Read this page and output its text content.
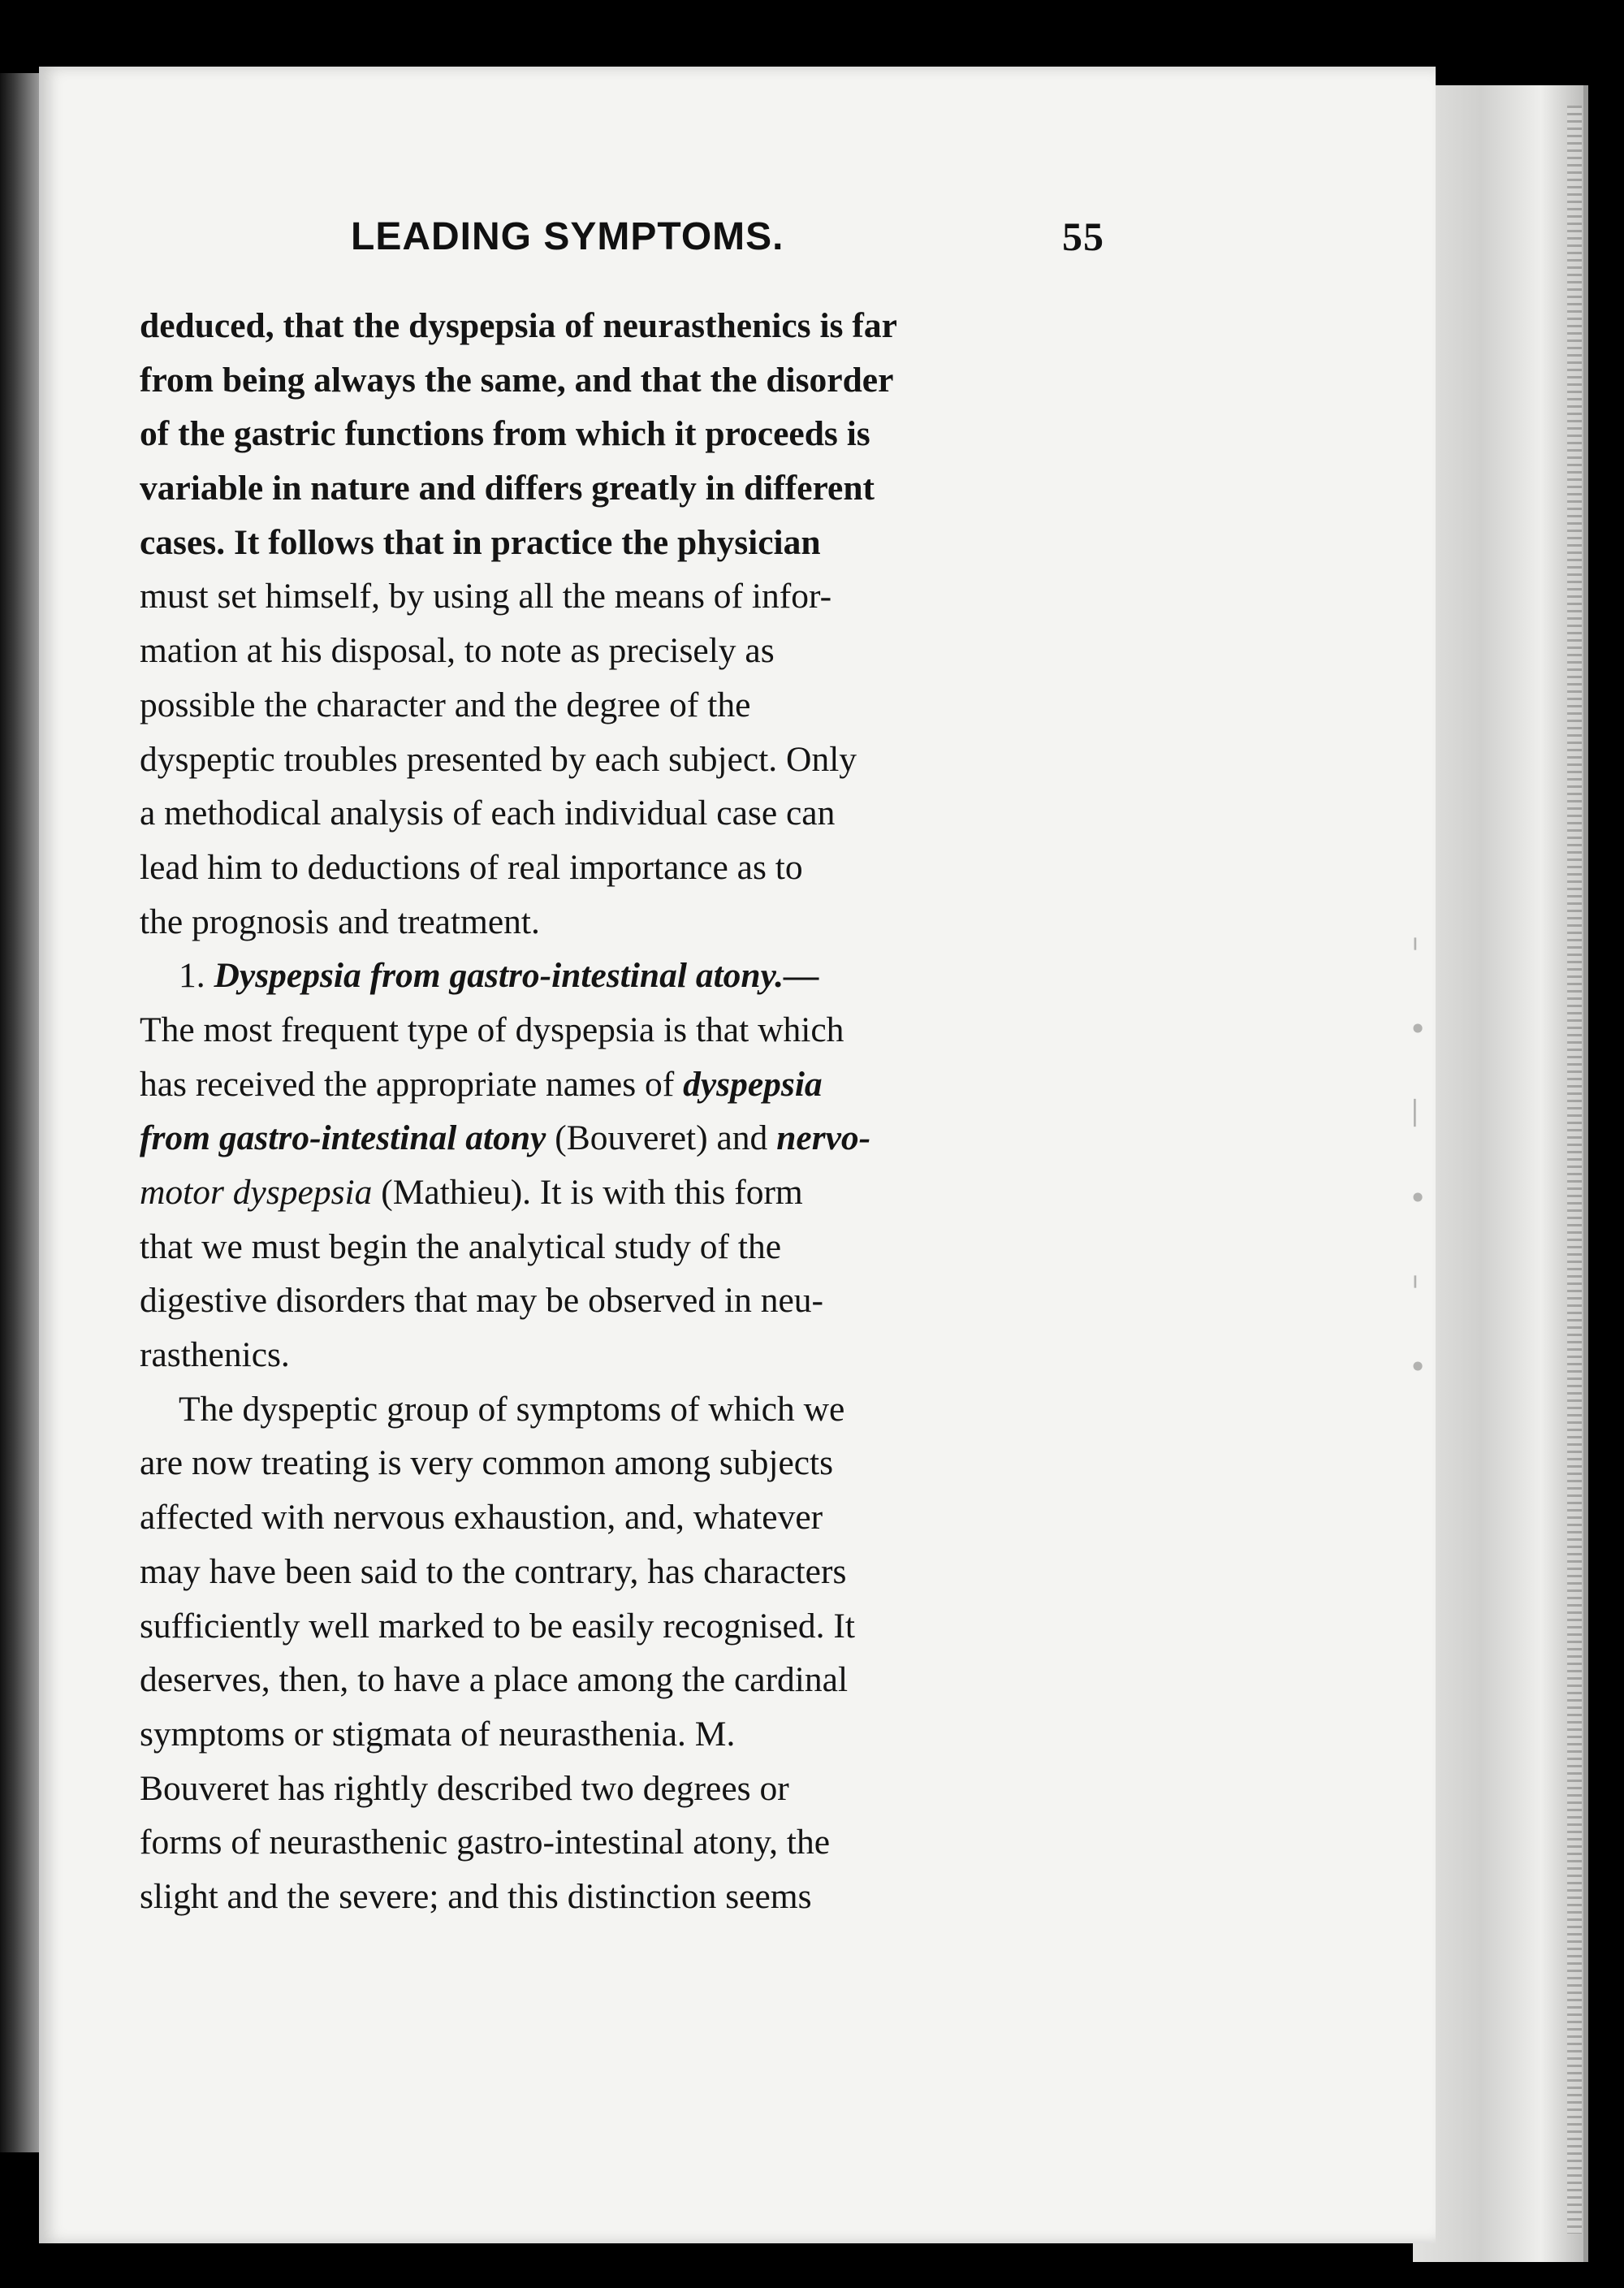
–
•
—
•
–
•
LEADING SYMPTOMS.	55
deduced, that the dyspepsia of neurasthenics is far
from being always the same, and that the disorder
of the gastric functions from which it proceeds is
variable in nature and differs greatly in different
cases. It follows that in practice the physician
must set himself, by using all the means of infor-
mation at his disposal, to note as precisely as
possible the character and the degree of the
dyspeptic troubles presented by each subject. Only
a methodical analysis of each individual case can
lead him to deductions of real importance as to
the prognosis and treatment.
1.
Dyspepsia from gastro-intestinal atony.—
The most frequent type of dyspepsia is that which
has received the appropriate names of
dyspepsia
from gastro-intestinal atony
(Bouveret) and
nervo-
motor dyspepsia
(Mathieu). It is with this form
that we must begin the analytical study of the
digestive disorders that may be observed in neu-
rasthenics.
The dyspeptic group of symptoms of which we
are now treating is very common among subjects
affected with nervous exhaustion, and, whatever
may have been said to the contrary, has characters
sufficiently well marked to be easily recognised. It
deserves, then, to have a place among the cardinal
symptoms or stigmata of neurasthenia. M.
Bouveret has rightly described two degrees or
forms of neurasthenic gastro-intestinal atony, the
slight and the severe; and this distinction seems
